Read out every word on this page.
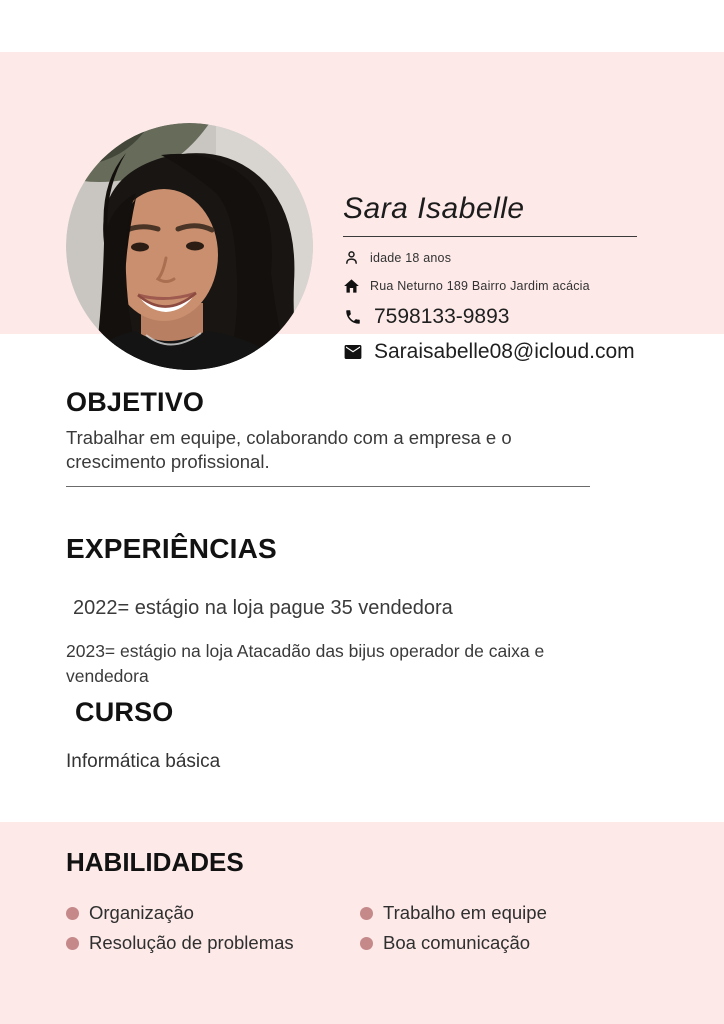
Sara Isabelle
idade 18 anos
Rua Neturno 189 Bairro Jardim acácia
7598133-9893
Saraisabelle08@icloud.com
OBJETIVO

Trabalhar em equipe, colaborando com a empresa e o crescimento profissional.

EXPERIÊNCIAS

2022= estágio na loja pague 35 vendedora

2023= estágio na loja Atacadão das bijus operador de caixa e vendedora

CURSO

Informática básica

HABILIDADES
Organização	Trabalho em equipe
Resolução de problemas	Boa comunicação
